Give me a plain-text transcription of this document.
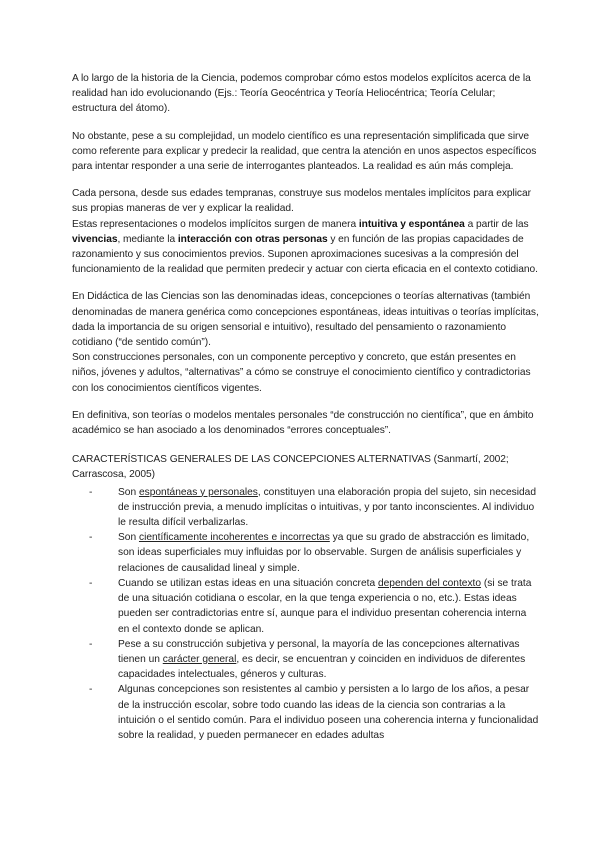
A lo largo de la historia de la Ciencia, podemos comprobar cómo estos modelos explícitos acerca de la realidad han ido evolucionando (Ejs.: Teoría Geocéntrica y Teoría Heliocéntrica; Teoría Celular; estructura del átomo).

No obstante, pese a su complejidad, un modelo científico es una representación simplificada que sirve como referente para explicar y predecir la realidad, que centra la atención en unos aspectos específicos para intentar responder a una serie de interrogantes planteados. La realidad es aún más compleja.

Cada persona, desde sus edades tempranas, construye sus modelos mentales implícitos para explicar sus propias maneras de ver y explicar la realidad.

Estas representaciones o modelos implícitos surgen de manera intuitiva y espontánea a partir de las vivencias, mediante la interacción con otras personas y en función de las propias capacidades de razonamiento y sus conocimientos previos. Suponen aproximaciones sucesivas a la compresión del funcionamiento de la realidad que permiten predecir y actuar con cierta eficacia en el contexto cotidiano.

En Didáctica de las Ciencias son las denominadas ideas, concepciones o teorías alternativas (también denominadas de manera genérica como concepciones espontáneas, ideas intuitivas o teorías implícitas, dada la importancia de su origen sensorial e intuitivo), resultado del pensamiento o razonamiento cotidiano (“de sentido común”).

Son construcciones personales, con un componente perceptivo y concreto, que están presentes en niños, jóvenes y adultos, “alternativas” a cómo se construye el conocimiento científico y contradictorias con los conocimientos científicos vigentes.

En definitiva, son teorías o modelos mentales personales “de construcción no científica”, que en ámbito académico se han asociado a los denominados “errores conceptuales”.

CARACTERÍSTICAS GENERALES DE LAS CONCEPCIONES ALTERNATIVAS (Sanmartí, 2002; Carrascosa, 2005)

-	Son espontáneas y personales, constituyen una elaboración propia del sujeto, sin necesidad de instrucción previa, a menudo implícitas o intuitivas, y por tanto inconscientes. Al individuo le resulta difícil verbalizarlas.
-	Son científicamente incoherentes e incorrectas ya que su grado de abstracción es limitado, son ideas superficiales muy influidas por lo observable. Surgen de análisis superficiales y relaciones de causalidad lineal y simple.
-	Cuando se utilizan estas ideas en una situación concreta dependen del contexto (si se trata de una situación cotidiana o escolar, en la que tenga experiencia o no, etc.). Estas ideas pueden ser contradictorias entre sí, aunque para el individuo presentan coherencia interna en el contexto donde se aplican.
-	Pese a su construcción subjetiva y personal, la mayoría de las concepciones alternativas tienen un carácter general, es decir, se encuentran y coinciden en individuos de diferentes capacidades intelectuales, géneros y culturas.
-	Algunas concepciones son resistentes al cambio y persisten a lo largo de los años, a pesar de la instrucción escolar, sobre todo cuando las ideas de la ciencia son contrarias a la intuición o el sentido común. Para el individuo poseen una coherencia interna y funcionalidad sobre la realidad, y pueden permanecer en edades adultas
